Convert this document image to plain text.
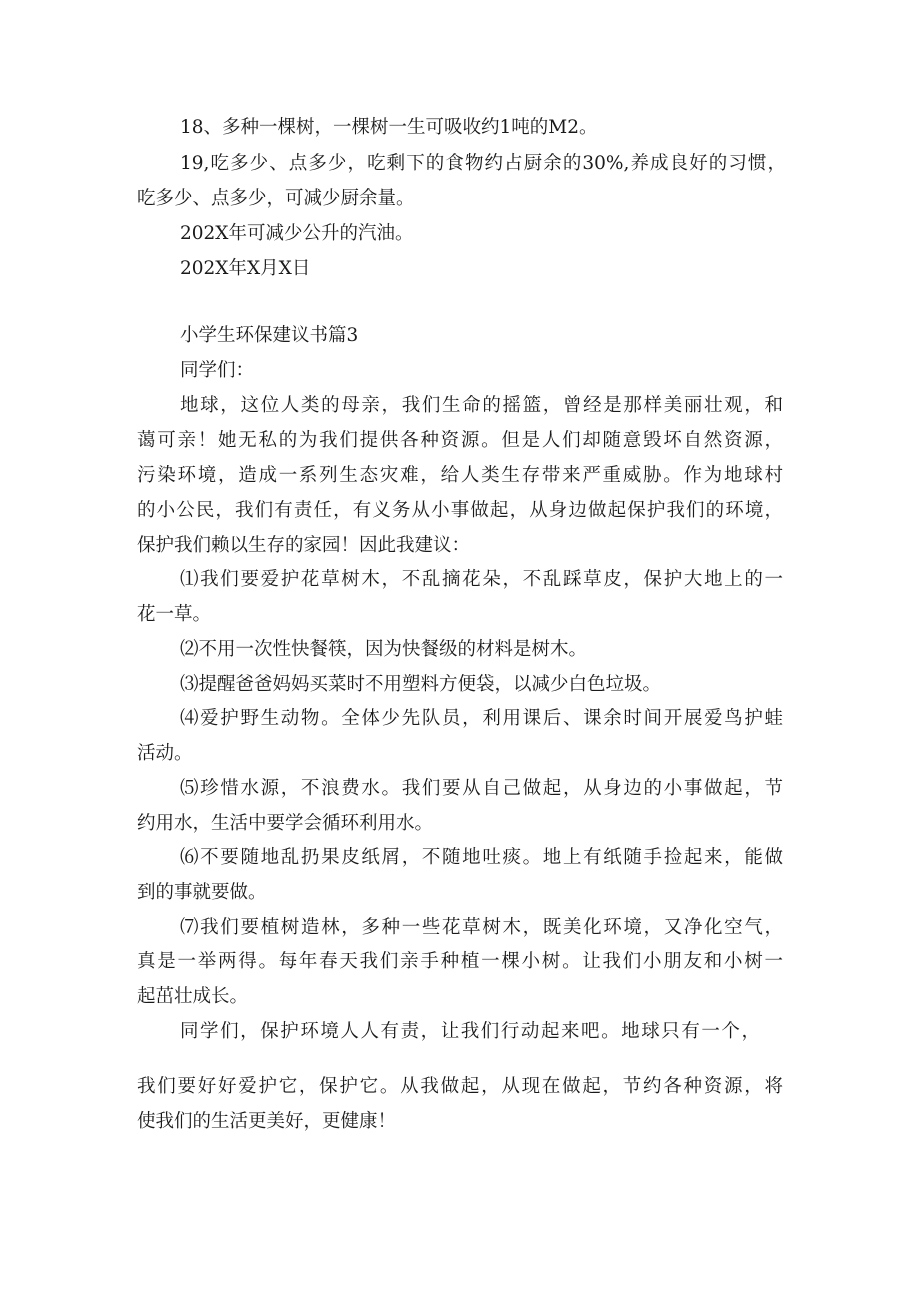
18、多种一棵树，一棵树一生可吸收约1吨的M2。

19,吃多少、点多少，吃剩下的食物约占厨余的30%,养成良好的习惯，

吃多少、点多少，可减少厨余量。

202X年可减少公升的汽油。

202X年X月X日

小学生环保建议书篇3

同学们：

地球，这位人类的母亲，我们生命的摇篮，曾经是那样美丽壮观，和

蔼可亲！她无私的为我们提供各种资源。但是人们却随意毁坏自然资源，

污染环境，造成一系列生态灾难，给人类生存带来严重威胁。作为地球村

的小公民，我们有责任，有义务从小事做起，从身边做起保护我们的环境，

保护我们赖以生存的家园！因此我建议：

⑴我们要爱护花草树木，不乱摘花朵，不乱踩草皮，保护大地上的一

花一草。

⑵不用一次性快餐筷，因为快餐级的材料是树木。

⑶提醒爸爸妈妈买菜时不用塑料方便袋，以减少白色垃圾。

⑷爱护野生动物。全体少先队员，利用课后、课余时间开展爱鸟护蛙

活动。

⑸珍惜水源，不浪费水。我们要从自己做起，从身边的小事做起，节

约用水，生活中要学会循环利用水。

⑹不要随地乱扔果皮纸屑，不随地吐痰。地上有纸随手捡起来，能做

到的事就要做。

⑺我们要植树造林，多种一些花草树木，既美化环境，又净化空气，

真是一举两得。每年春天我们亲手种植一棵小树。让我们小朋友和小树一

起茁壮成长。

同学们，保护环境人人有责，让我们行动起来吧。地球只有一个，

我们要好好爱护它，保护它。从我做起，从现在做起，节约各种资源，将

使我们的生活更美好，更健康！
